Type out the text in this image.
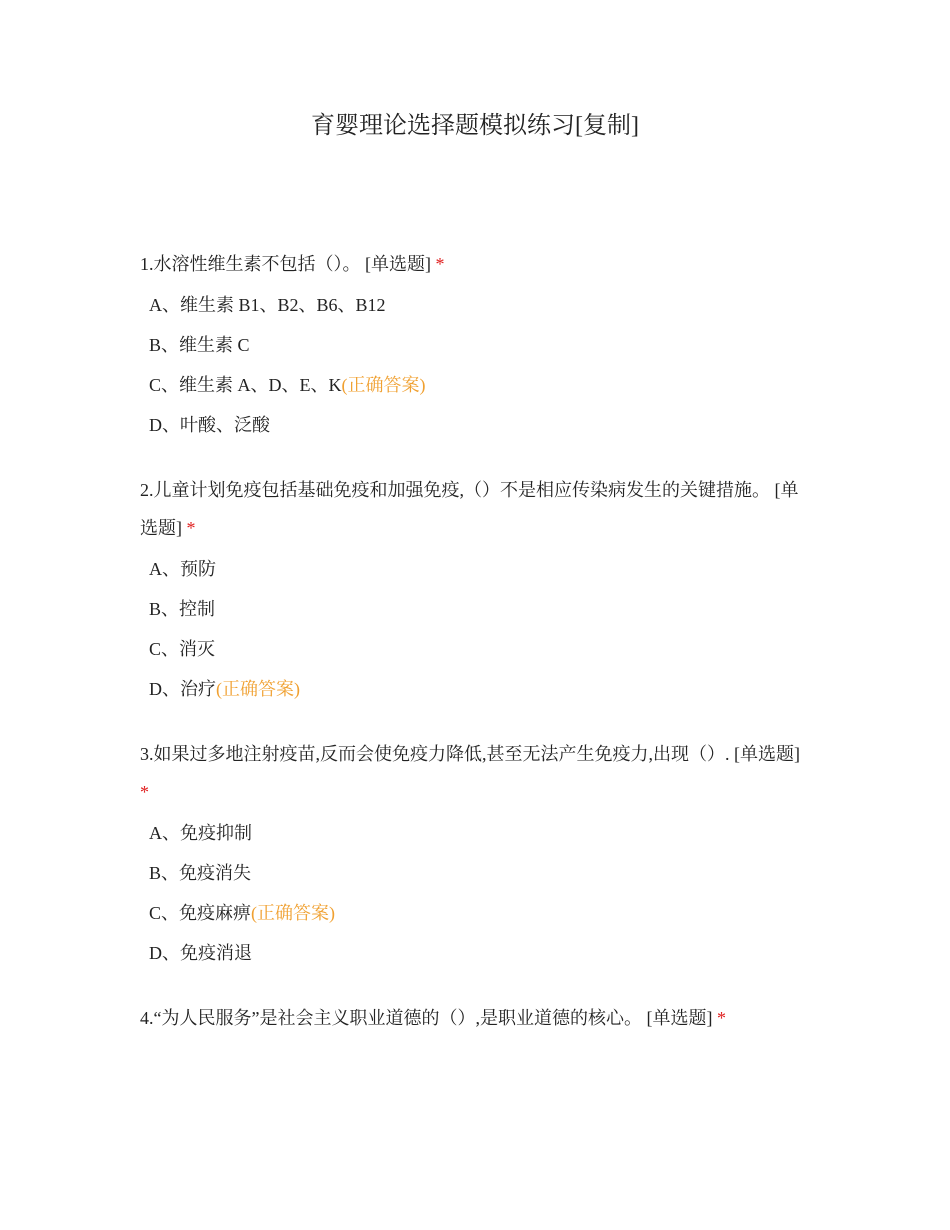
育婴理论选择题模拟练习[复制]

1.水溶性维生素不包括（）。 [单选题] *

A、维生素 B1、B2、B6、B12
B、维生素 C
C、维生素 A、D、E、K(正确答案)
D、叶酸、泛酸

2.儿童计划免疫包括基础免疫和加强免疫,（）不是相应传染病发生的关键措施。 [单选题] *

A、预防
B、控制
C、消灭
D、治疗(正确答案)

3.如果过多地注射疫苗,反而会使免疫力降低,甚至无法产生免疫力,出现（）. [单选题] *

A、免疫抑制
B、免疫消失
C、免疫麻痹(正确答案)
D、免疫消退

4.“为人民服务”是社会主义职业道德的（）,是职业道德的核心。 [单选题] *
